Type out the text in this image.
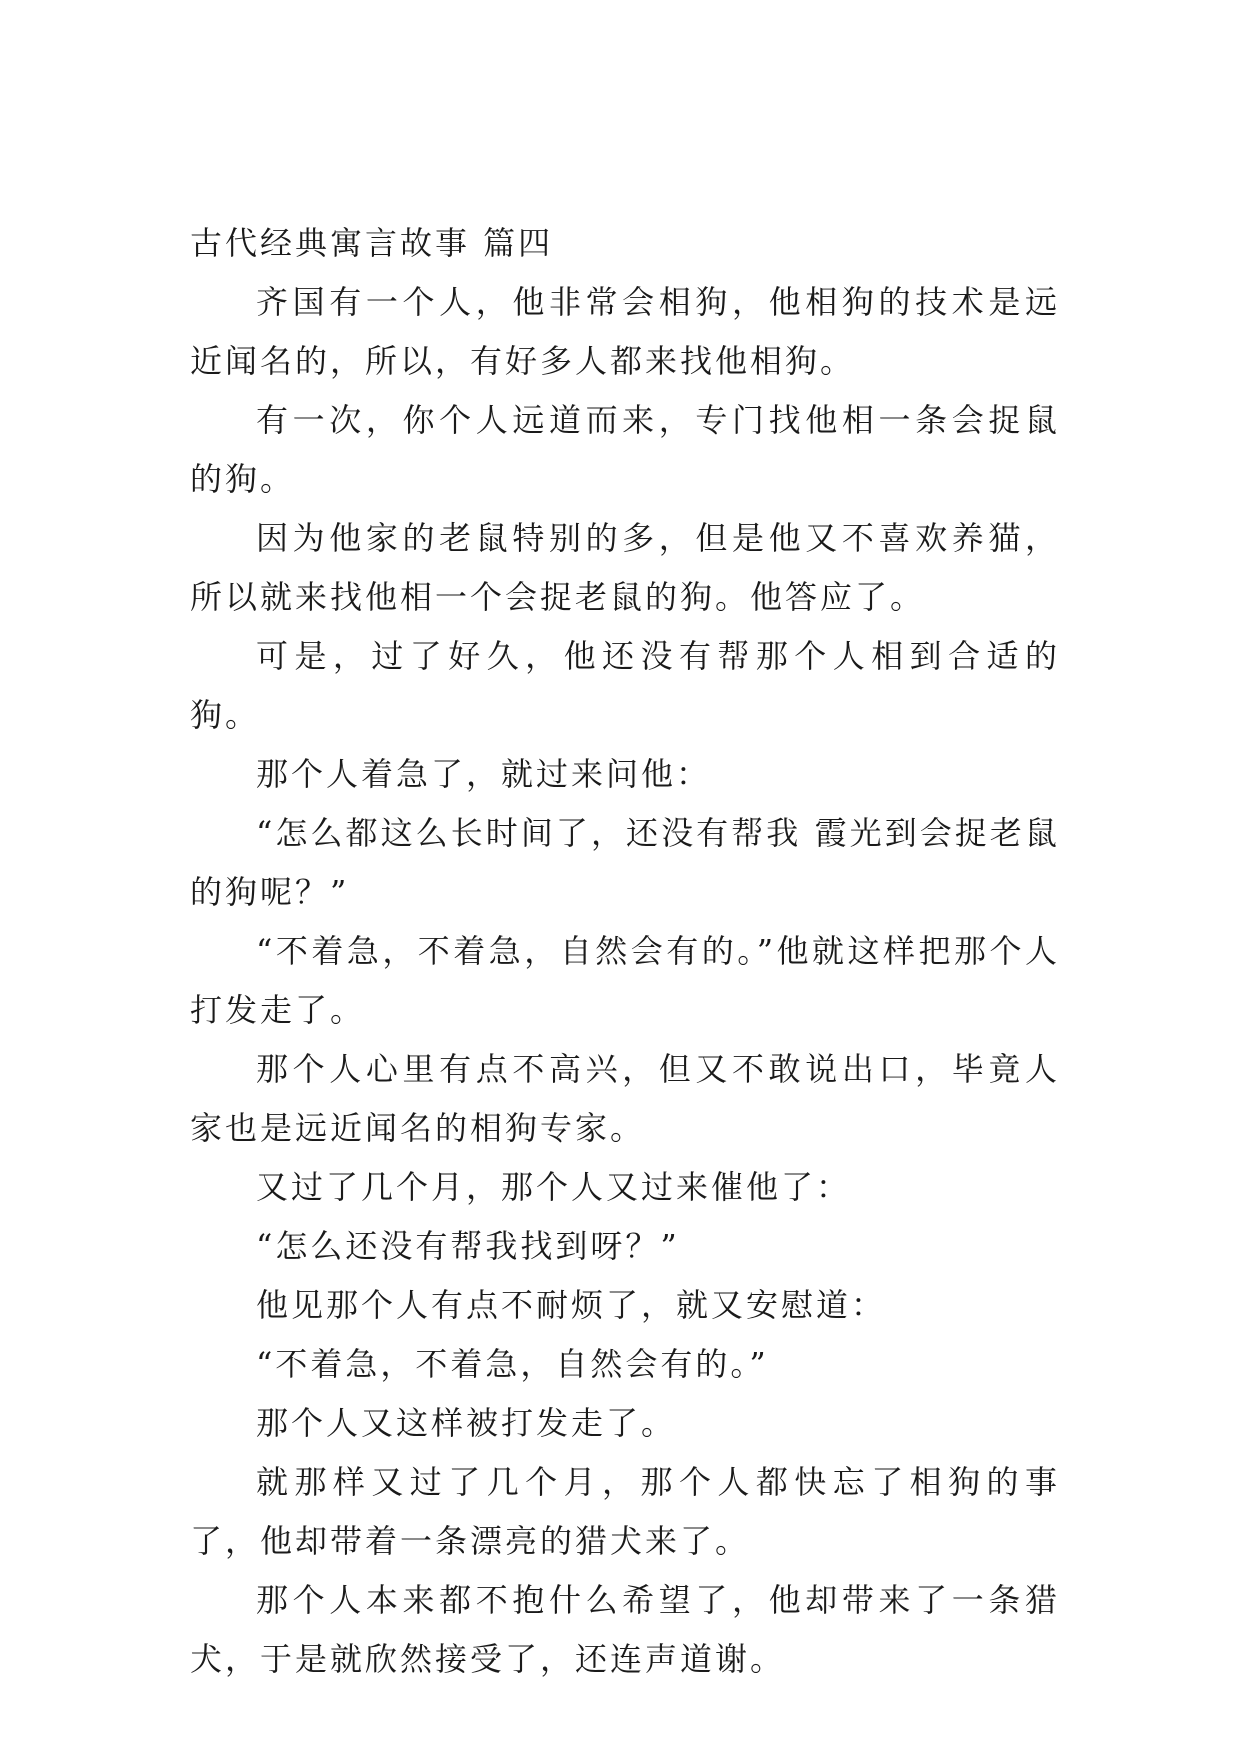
古代经典寓言故事 篇四

齐国有一个人，他非常会相狗，他相狗的技术是远近闻名的，所以，有好多人都来找他相狗。

有一次，你个人远道而来，专门找他相一条会捉鼠的狗。

因为他家的老鼠特别的多，但是他又不喜欢养猫，所以就来找他相一个会捉老鼠的狗。他答应了。

可是，过了好久，他还没有帮那个人相到合适的狗。

那个人着急了，就过来问他：

“怎么都这么长时间了，还没有帮我 霞光到会捉老鼠的狗呢？”

“不着急，不着急，自然会有的。”他就这样把那个人打发走了。

那个人心里有点不高兴，但又不敢说出口，毕竟人家也是远近闻名的相狗专家。

又过了几个月，那个人又过来催他了：

“怎么还没有帮我找到呀？”

他见那个人有点不耐烦了，就又安慰道：

“不着急，不着急，自然会有的。”

那个人又这样被打发走了。

就那样又过了几个月，那个人都快忘了相狗的事了，他却带着一条漂亮的猎犬来了。

那个人本来都不抱什么希望了，他却带来了一条猎犬，于是就欣然接受了，还连声道谢。
